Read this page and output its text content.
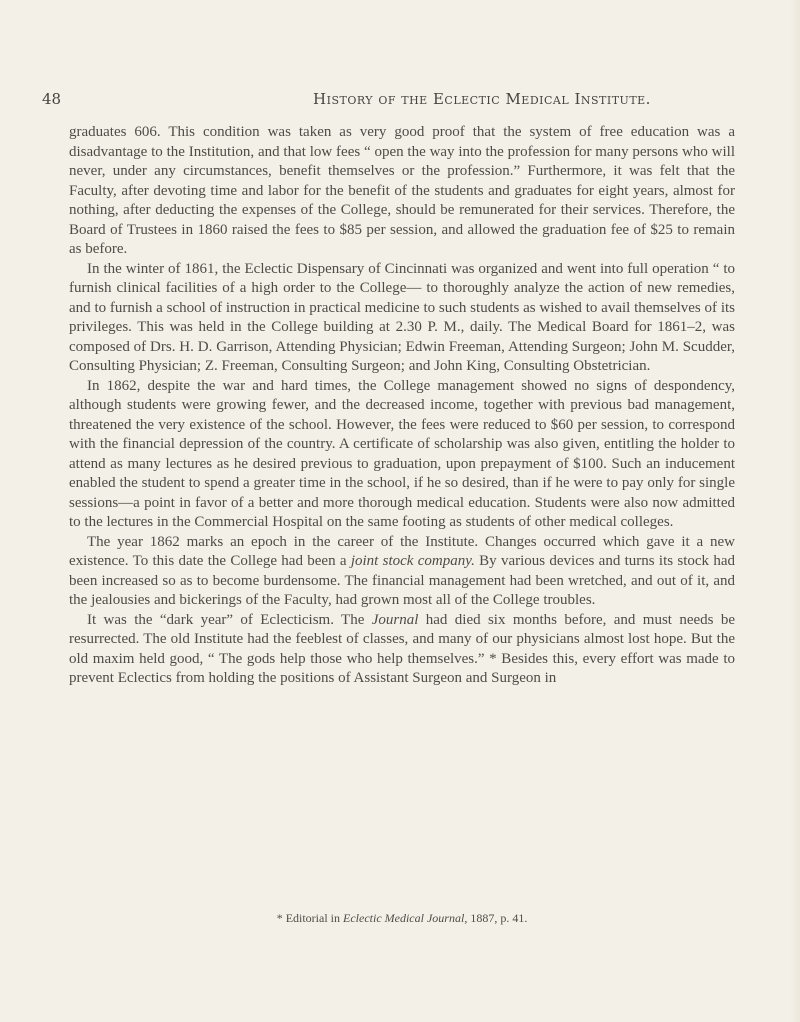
48	History of the Eclectic Medical Institute.

graduates 606. This condition was taken as very good proof that the system of free education was a disadvantage to the Institution, and that low fees “ open the way into the profession for many persons who will never, under any circumstances, benefit themselves or the profession.” Furthermore, it was felt that the Faculty, after devoting time and labor for the benefit of the students and graduates for eight years, almost for nothing, after deducting the expenses of the College, should be remunerated for their services. Therefore, the Board of Trustees in 1860 raised the fees to $85 per session, and allowed the graduation fee of $25 to remain as before.

In the winter of 1861, the Eclectic Dispensary of Cincinnati was organized and went into full operation “ to furnish clinical facilities of a high order to the College— to thoroughly analyze the action of new remedies, and to furnish a school of instruction in practical medicine to such students as wished to avail themselves of its privileges. This was held in the College building at 2.30 P. M., daily. The Medical Board for 1861–2, was composed of Drs. H. D. Garrison, Attending Physician; Edwin Freeman, Attending Surgeon; John M. Scudder, Consulting Physician; Z. Freeman, Consulting Surgeon; and John King, Consulting Obstetrician.

In 1862, despite the war and hard times, the College management showed no signs of despondency, although students were growing fewer, and the decreased income, together with previous bad management, threatened the very existence of the school. However, the fees were reduced to $60 per session, to correspond with the financial depression of the country. A certificate of scholarship was also given, entitling the holder to attend as many lectures as he desired previous to graduation, upon prepayment of $100. Such an inducement enabled the student to spend a greater time in the school, if he so desired, than if he were to pay only for single sessions—a point in favor of a better and more thorough medical education. Students were also now admitted to the lectures in the Commercial Hospital on the same footing as students of other medical colleges.

The year 1862 marks an epoch in the career of the Institute. Changes occurred which gave it a new existence. To this date the College had been a joint stock company. By various devices and turns its stock had been increased so as to become burdensome. The financial management had been wretched, and out of it, and the jealousies and bickerings of the Faculty, had grown most all of the College troubles.

It was the “dark year” of Eclecticism. The Journal had died six months before, and must needs be resurrected. The old Institute had the feeblest of classes, and many of our physicians almost lost hope. But the old maxim held good, “ The gods help those who help themselves.” * Besides this, every effort was made to prevent Eclectics from holding the positions of Assistant Surgeon and Surgeon in

* Editorial in Eclectic Medical Journal, 1887, p. 41.
